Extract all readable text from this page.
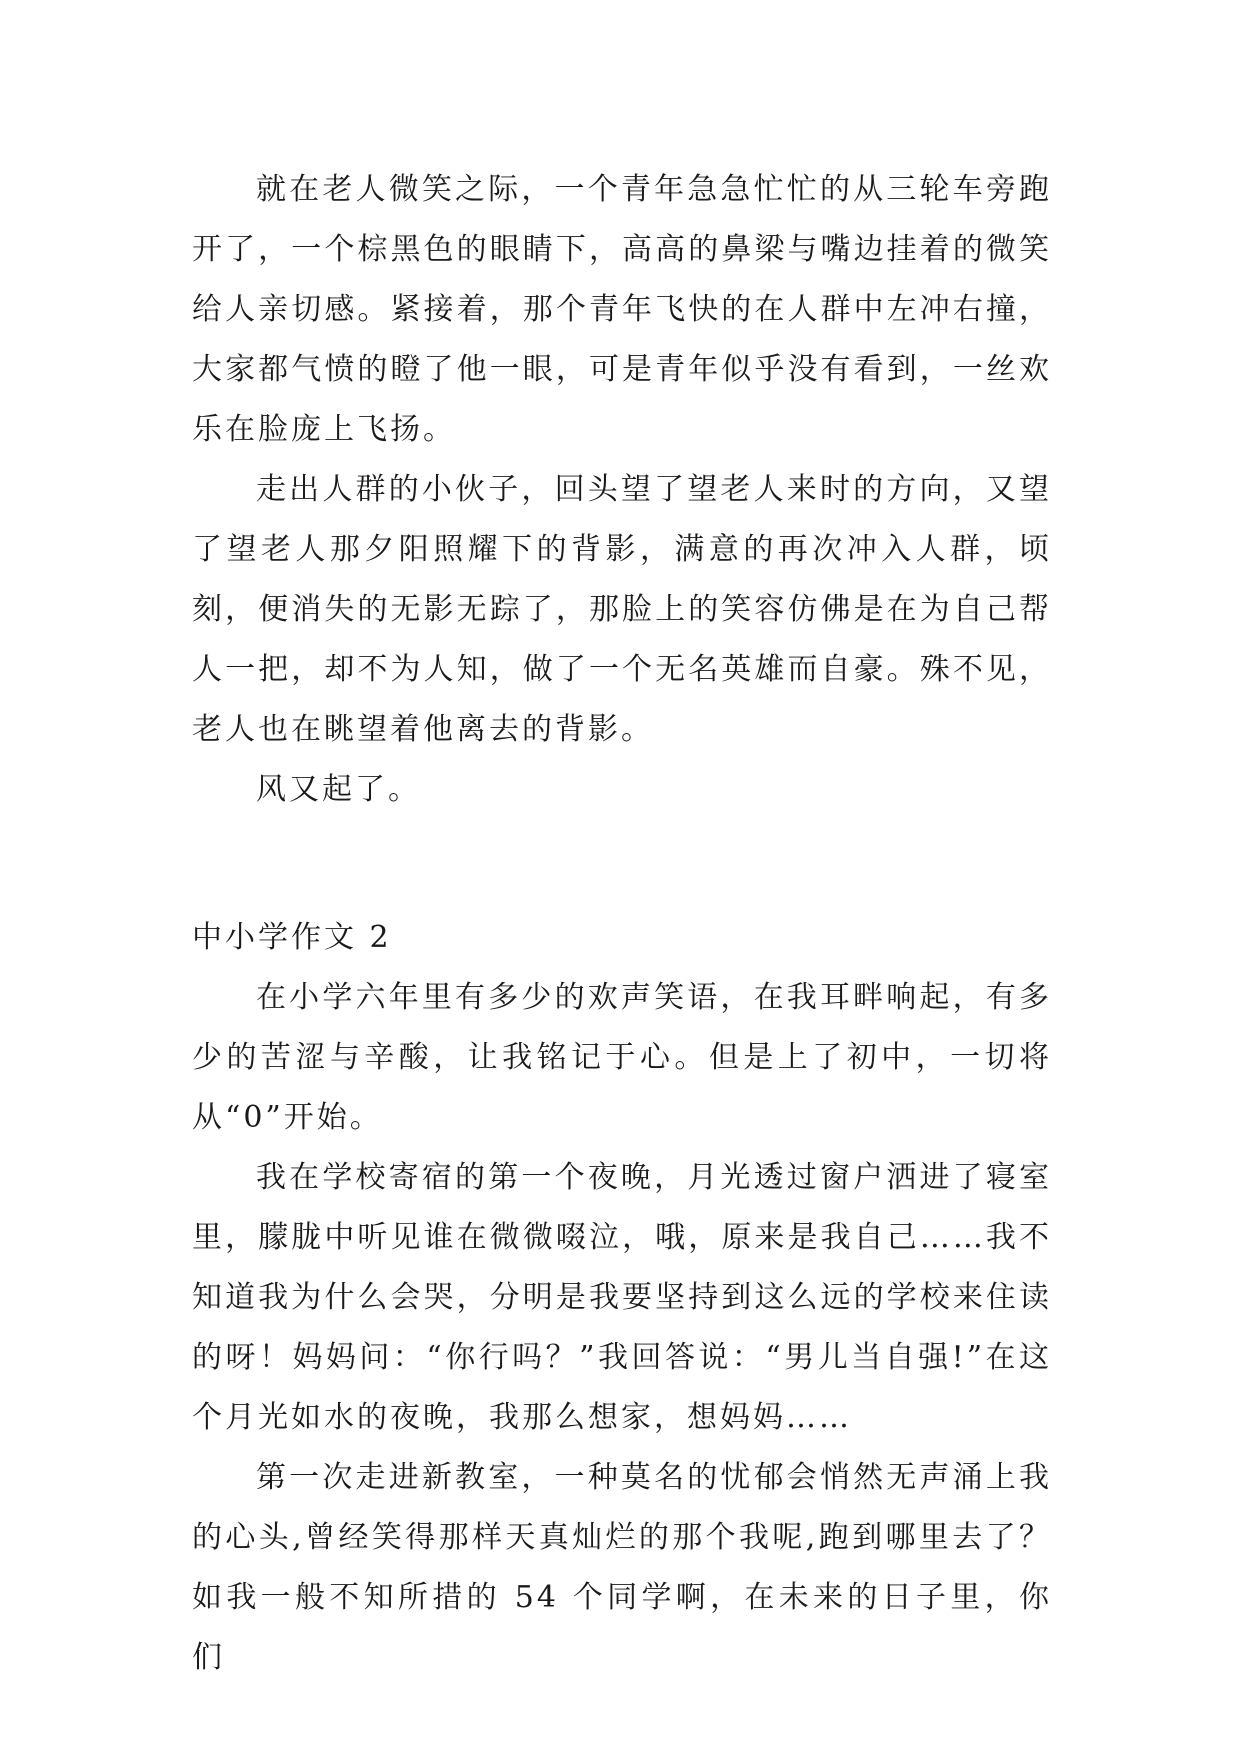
就在老人微笑之际，一个青年急急忙忙的从三轮车旁跑开了，一个棕黑色的眼睛下，高高的鼻梁与嘴边挂着的微笑给人亲切感。紧接着，那个青年飞快的在人群中左冲右撞，大家都气愤的瞪了他一眼，可是青年似乎没有看到，一丝欢乐在脸庞上飞扬。

走出人群的小伙子，回头望了望老人来时的方向，又望了望老人那夕阳照耀下的背影，满意的再次冲入人群，顷刻，便消失的无影无踪了，那脸上的笑容仿佛是在为自己帮人一把，却不为人知，做了一个无名英雄而自豪。殊不见，老人也在眺望着他离去的背影。

风又起了。

中小学作文 2

在小学六年里有多少的欢声笑语，在我耳畔响起，有多少的苦涩与辛酸，让我铭记于心。但是上了初中，一切将从“0”开始。

我在学校寄宿的第一个夜晚，月光透过窗户洒进了寝室里，朦胧中听见谁在微微啜泣，哦，原来是我自己……我不知道我为什么会哭，分明是我要坚持到这么远的学校来住读的呀！妈妈问：“你行吗？”我回答说：“男儿当自强!”在这个月光如水的夜晚，我那么想家，想妈妈……

第一次走进新教室，一种莫名的忧郁会悄然无声涌上我的心头,曾经笑得那样天真灿烂的那个我呢,跑到哪里去了？如我一般不知所措的 54 个同学啊，在未来的日子里，你们
